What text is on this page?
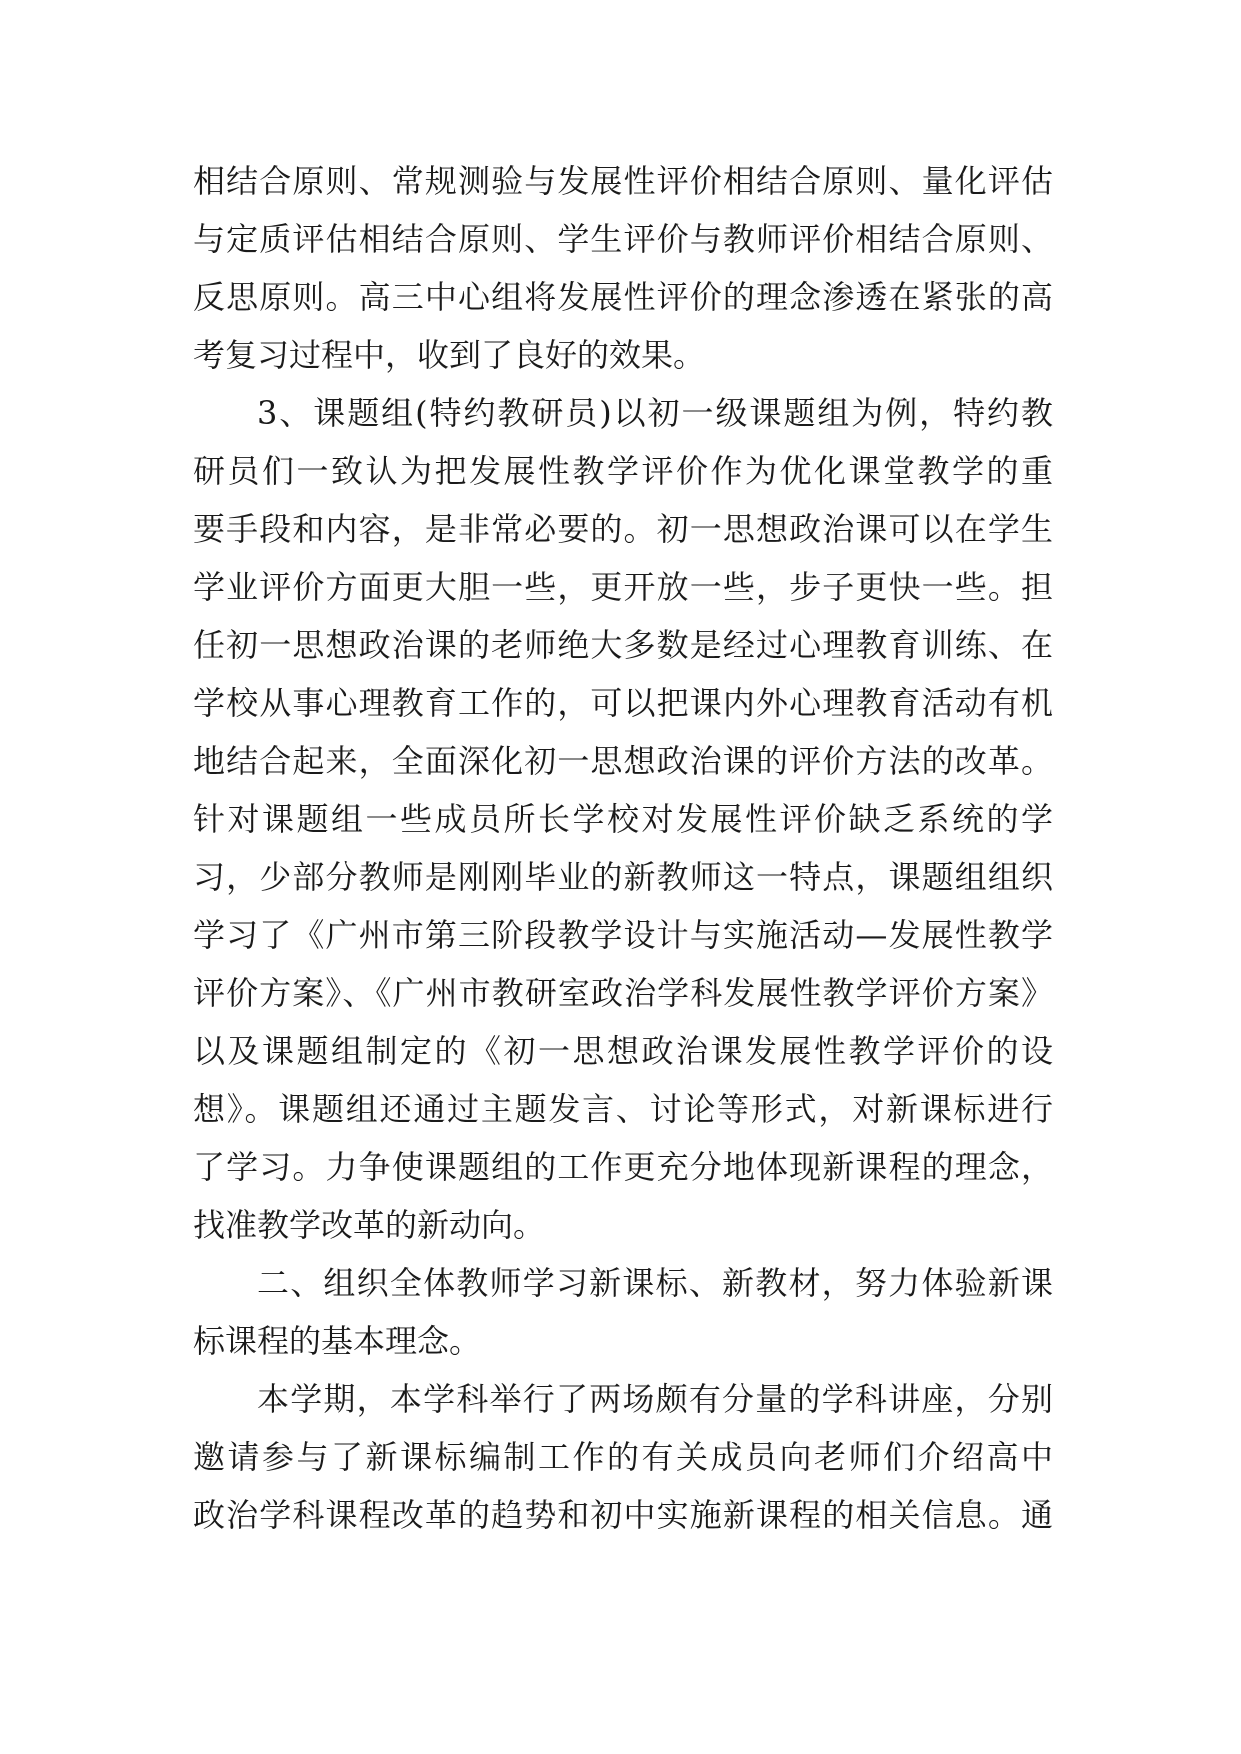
相结合原则、常规测验与发展性评价相结合原则、量化评估
与定质评估相结合原则、学生评价与教师评价相结合原则、
反思原则。高三中心组将发展性评价的理念渗透在紧张的高
考复习过程中，收到了良好的效果。
3、课题组(特约教研员)以初一级课题组为例，特约教
研员们一致认为把发展性教学评价作为优化课堂教学的重
要手段和内容，是非常必要的。初一思想政治课可以在学生
学业评价方面更大胆一些，更开放一些，步子更快一些。担
任初一思想政治课的老师绝大多数是经过心理教育训练、在
学校从事心理教育工作的，可以把课内外心理教育活动有机
地结合起来，全面深化初一思想政治课的评价方法的改革。
针对课题组一些成员所长学校对发展性评价缺乏系统的学
习，少部分教师是刚刚毕业的新教师这一特点，课题组组织
学习了《广州市第三阶段教学设计与实施活动—发展性教学
评价方案》、《广州市教研室政治学科发展性教学评价方案》
以及课题组制定的《初一思想政治课发展性教学评价的设
想》。课题组还通过主题发言、讨论等形式，对新课标进行
了学习。力争使课题组的工作更充分地体现新课程的理念，
找准教学改革的新动向。
二、组织全体教师学习新课标、新教材，努力体验新课
标课程的基本理念。
本学期，本学科举行了两场颇有分量的学科讲座，分别
邀请参与了新课标编制工作的有关成员向老师们介绍高中
政治学科课程改革的趋势和初中实施新课程的相关信息。通
